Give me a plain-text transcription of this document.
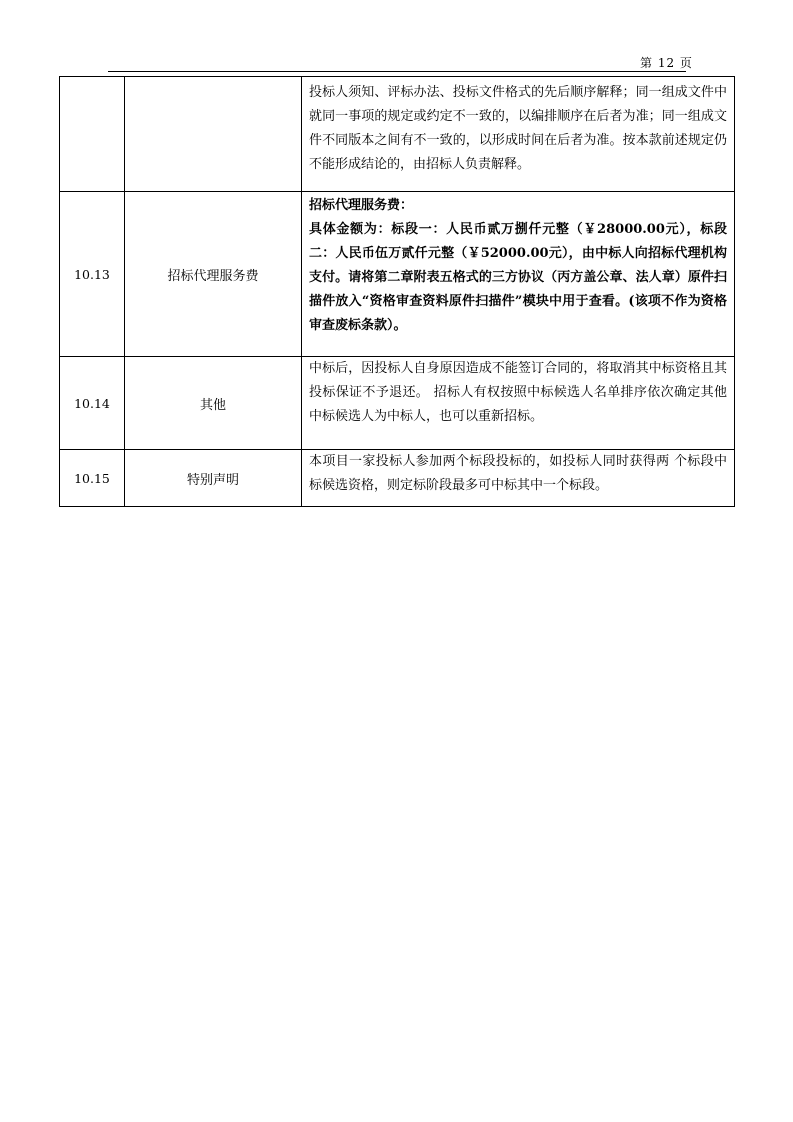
第 12 页

		投标人须知、评标办法、投标文件格式的先后顺序解释；同一组成文件中就同一事项的规定或约定不一致的，以编排顺序在后者为准；同一组成文件不同版本之间有不一致的，以形成时间在后者为准。按本款前述规定仍不能形成结论的，由招标人负责解释。

10.13	招标代理服务费	招标代理服务费：
具体金额为：标段一：人民币贰万捌仟元整（￥28000.00元），标段二：人民币伍万贰仟元整（￥52000.00元），由中标人向招标代理机构支付。请将第二章附表五格式的三方协议（丙方盖公章、法人章）原件扫描件放入“资格审查资料原件扫描件”模块中用于查看。(该项不作为资格审查废标条款）。

10.14	其他	中标后，因投标人自身原因造成不能签订合同的，将取消其中标资格且其投标保证不予退还。 招标人有权按照中标候选人名单排序依次确定其他中标候选人为中标人，也可以重新招标。

10.15	特别声明	本项目一家投标人参加两个标段投标的，如投标人同时获得两 个标段中标候选资格，则定标阶段最多可中标其中一个标段。
